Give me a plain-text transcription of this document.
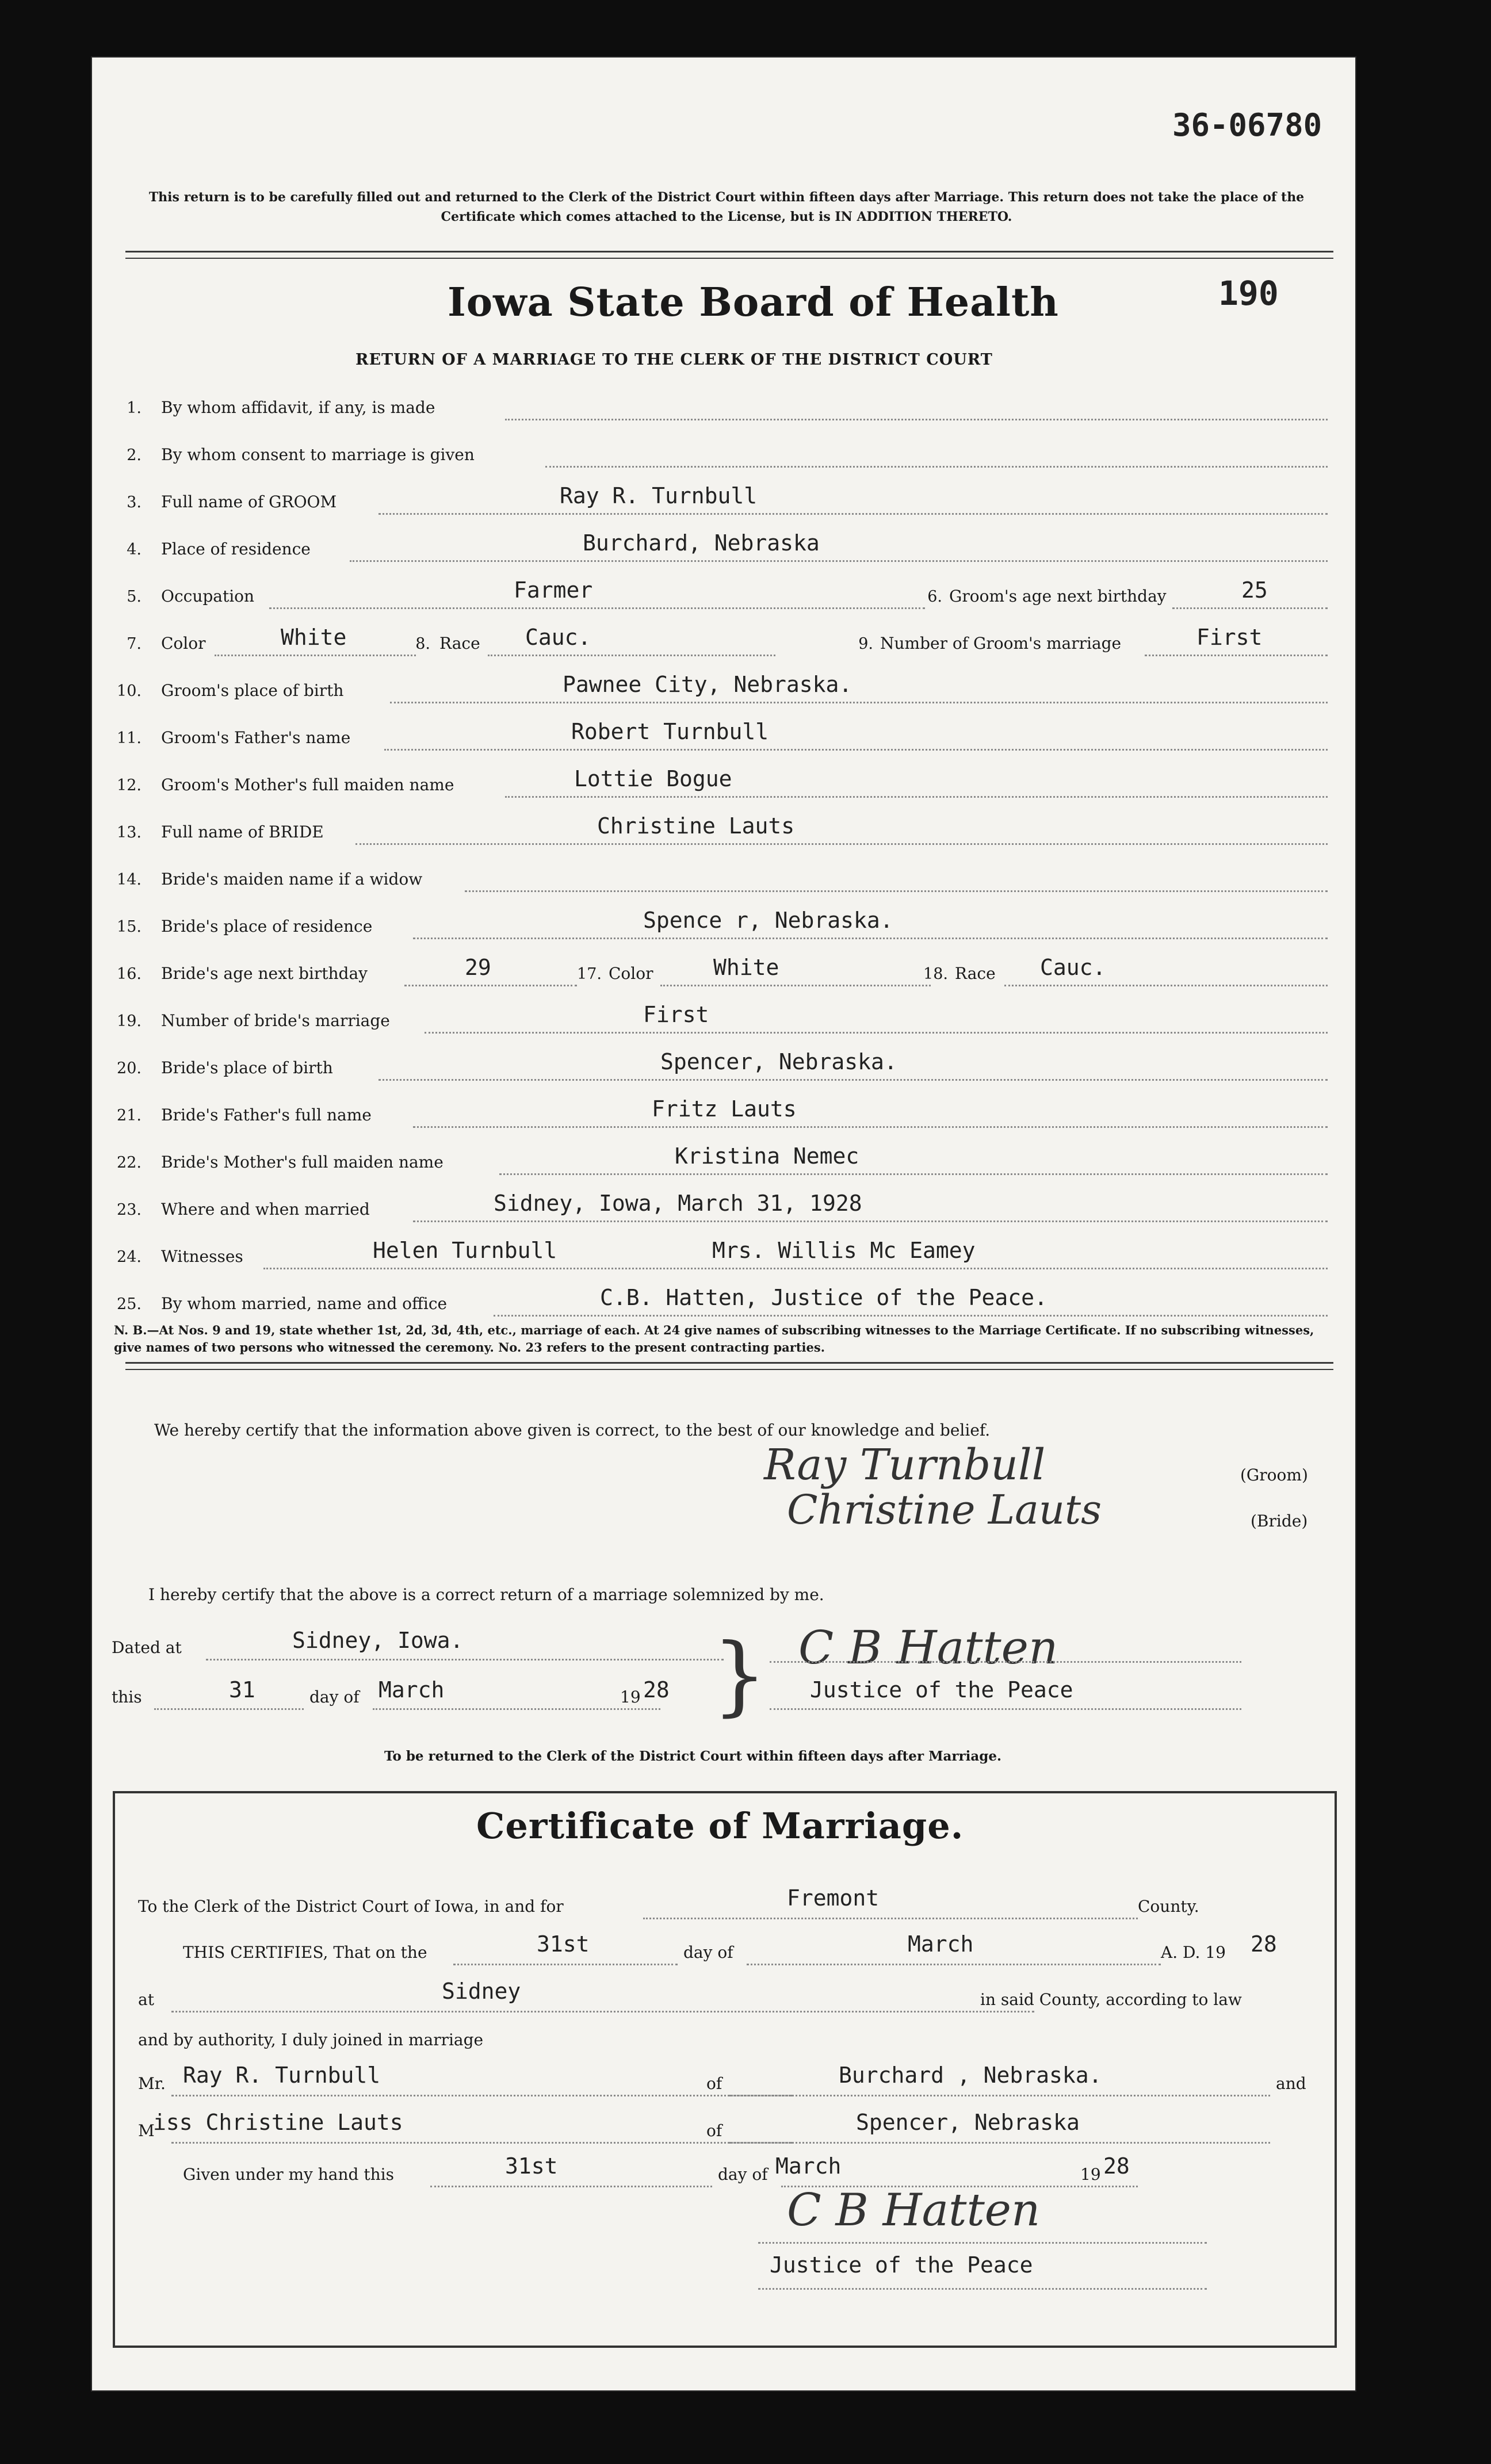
36-06780
This return is to be carefully filled out and returned to the Clerk of the District Court within fifteen days after Marriage. This return does not take the place of the Certificate which comes attached to the License, but is IN ADDITION THERETO.
Iowa State Board of Health	190
RETURN OF A MARRIAGE TO THE CLERK OF THE DISTRICT COURT
1. By whom affidavit, if any, is made
2. By whom consent to marriage is given
3. Full name of GROOM	Ray R. Turnbull
4. Place of residence	Burchard, Nebraska
5. Occupation	Farmer	6. Groom's age next birthday	25
7. Color	White	8. Race Cauc.	9. Number of Groom's marriage	First
10. Groom's place of birth	Pawnee City, Nebraska.
11. Groom's Father's name	Robert Turnbull
12. Groom's Mother's full maiden name	Lottie Bogue
13. Full name of BRIDE	Christine Lauts
14. Bride's maiden name if a widow
15. Bride's place of residence	Spence r, Nebraska.
16. Bride's age next birthday	29	17. Color	White	18. Race Cauc.
19. Number of bride's marriage	First
20. Bride's place of birth	Spencer, Nebraska.
21. Bride's Father's full name	Fritz Lauts
22. Bride's Mother's full maiden name	Kristina Nemec
23. Where and when married	Sidney, Iowa, March 31, 1928
24. Witnesses	Helen Turnbull	Mrs. Willis Mc Eamey
25. By whom married, name and office	C.B. Hatten, Justice of the Peace.
N. B.—At Nos. 9 and 19, state whether 1st, 2d, 3d, 4th, etc., marriage of each. At 24 give names of subscribing witnesses to the Marriage Certificate. If no subscribing witnesses, give names of two persons who witnessed the ceremony. No. 23 refers to the present contracting parties.
We hereby certify that the information above given is correct, to the best of our knowledge and belief.
Ray Turnbull	(Groom)
Christine Lauts	(Bride)
I hereby certify that the above is a correct return of a marriage solemnized by me.
Dated at	Sidney, Iowa.
this	31	day of March	19 28 } C B Hatten
Justice of the Peace
To be returned to the Clerk of the District Court within fifteen days after Marriage.
Certificate of Marriage.
To the Clerk of the District Court of Iowa, in and for	Fremont	County.
THIS CERTIFIES, That on the	31st	day of	March	A. D. 19 28
at	Sidney	in said County, according to law
and by authority, I duly joined in marriage
Mr. Ray R. Turnbull	of	Burchard , Nebraska.	and
M
iss Christine Lauts	of	Spencer, Nebraska
Given under my hand this	31st	day of March	19 28
C B Hatten
Justice of the Peace
